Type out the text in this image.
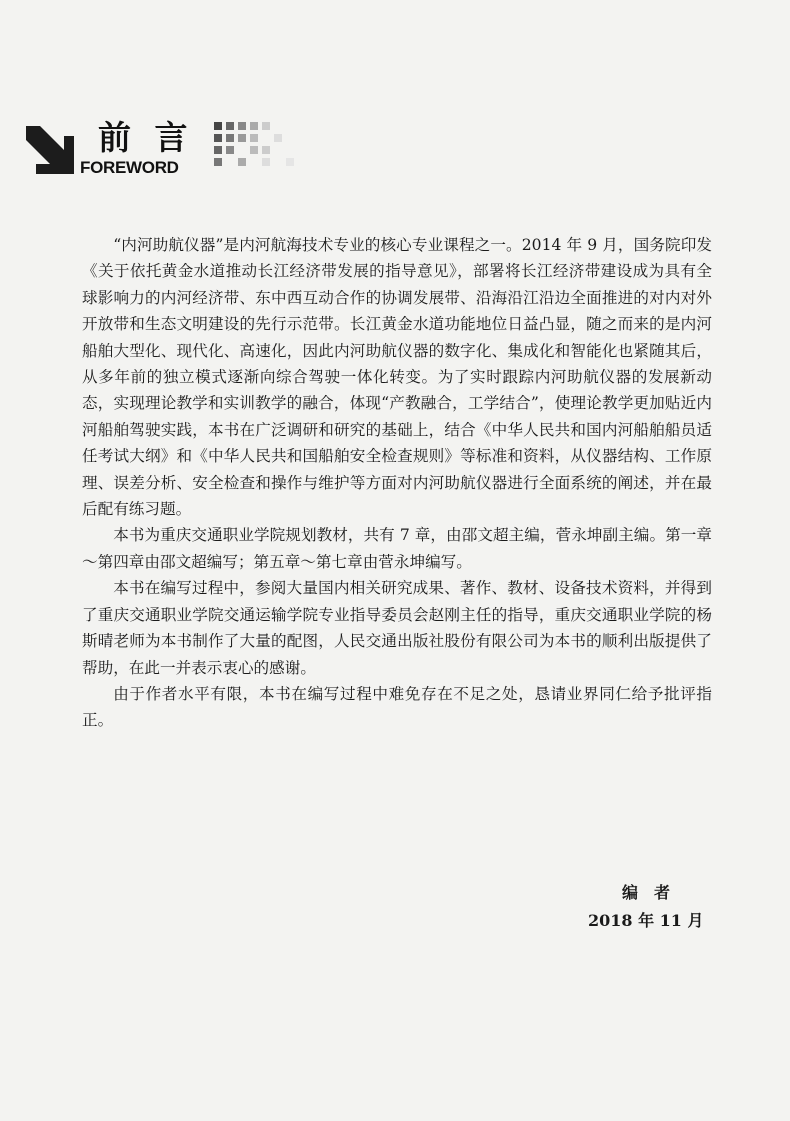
前 言
FOREWORD

“内河助航仪器”是内河航海技术专业的核心专业课程之一。2014 年 9 月，国务院印发《关于依托黄金水道推动长江经济带发展的指导意见》，部署将长江经济带建设成为具有全球影响力的内河经济带、东中西互动合作的协调发展带、沿海沿江沿边全面推进的对内对外开放带和生态文明建设的先行示范带。长江黄金水道功能地位日益凸显，随之而来的是内河船舶大型化、现代化、高速化，因此内河助航仪器的数字化、集成化和智能化也紧随其后，从多年前的独立模式逐渐向综合驾驶一体化转变。为了实时跟踪内河助航仪器的发展新动态，实现理论教学和实训教学的融合，体现“产教融合，工学结合”，使理论教学更加贴近内河船舶驾驶实践，本书在广泛调研和研究的基础上，结合《中华人民共和国内河船舶船员适任考试大纲》和《中华人民共和国船舶安全检查规则》等标准和资料，从仪器结构、工作原理、误差分析、安全检查和操作与维护等方面对内河助航仪器进行全面系统的阐述，并在最后配有练习题。

本书为重庆交通职业学院规划教材，共有 7 章，由邵文超主编，菅永坤副主编。第一章～第四章由邵文超编写；第五章～第七章由菅永坤编写。

本书在编写过程中，参阅大量国内相关研究成果、著作、教材、设备技术资料，并得到了重庆交通职业学院交通运输学院专业指导委员会赵刚主任的指导，重庆交通职业学院的杨斯晴老师为本书制作了大量的配图，人民交通出版社股份有限公司为本书的顺利出版提供了帮助，在此一并表示衷心的感谢。

由于作者水平有限，本书在编写过程中难免存在不足之处，恳请业界同仁给予批评指正。

编者
2018 年 11 月
